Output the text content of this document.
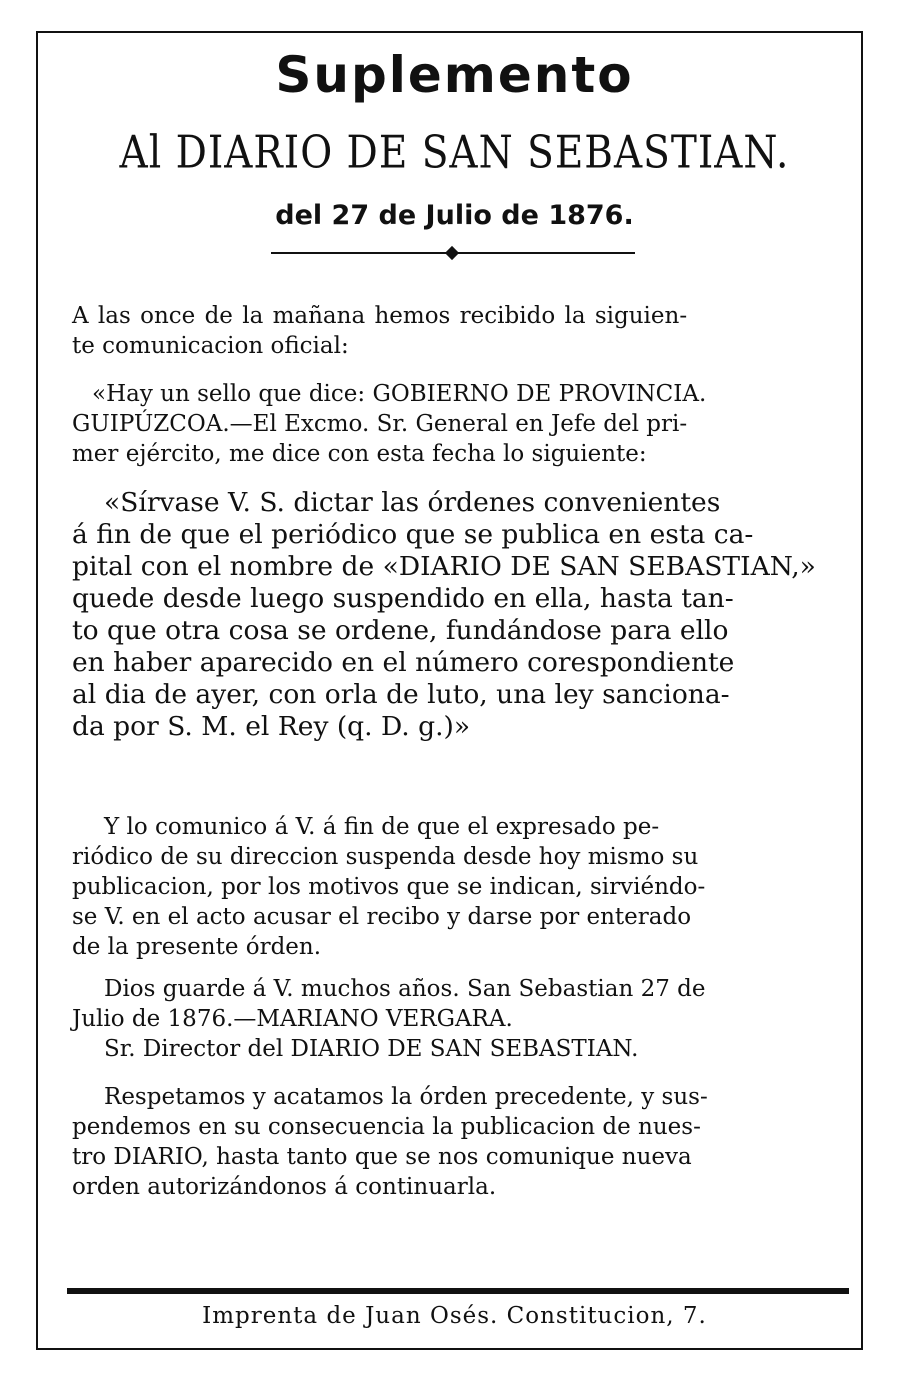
Suplemento
Al DIARIO DE SAN SEBASTIAN.
del 27 de Julio de 1876.
A las once de la mañana hemos recibido la siguien-
te comunicacion oficial:
«Hay un sello que dice: GOBIERNO DE PROVINCIA.
GUIPÚZCOA.—El Excmo. Sr. General en Jefe del pri-
mer ejército, me dice con esta fecha lo siguiente:
«Sírvase V. S. dictar las órdenes convenientes
á fin de que el periódico que se publica en esta ca-
pital con el nombre de «DIARIO DE SAN SEBASTIAN,»
quede desde luego suspendido en ella, hasta tan-
to que otra cosa se ordene, fundándose para ello
en haber aparecido en el número corespondiente
al dia de ayer, con orla de luto, una ley sanciona-
da por S. M. el Rey (q. D. g.)»
Y lo comunico á V. á fin de que el expresado pe-
riódico de su direccion suspenda desde hoy mismo su
publicacion, por los motivos que se indican, sirviéndo-
se V. en el acto acusar el recibo y darse por enterado
de la presente órden.
Dios guarde á V. muchos años. San Sebastian 27 de
Julio de 1876.—MARIANO VERGARA.
Sr. Director del DIARIO DE SAN SEBASTIAN.
Respetamos y acatamos la órden precedente, y sus-
pendemos en su consecuencia la publicacion de nues-
tro DIARIO, hasta tanto que se nos comunique nueva
orden autorizándonos á continuarla.
Imprenta de Juan Osés. Constitucion, 7.
